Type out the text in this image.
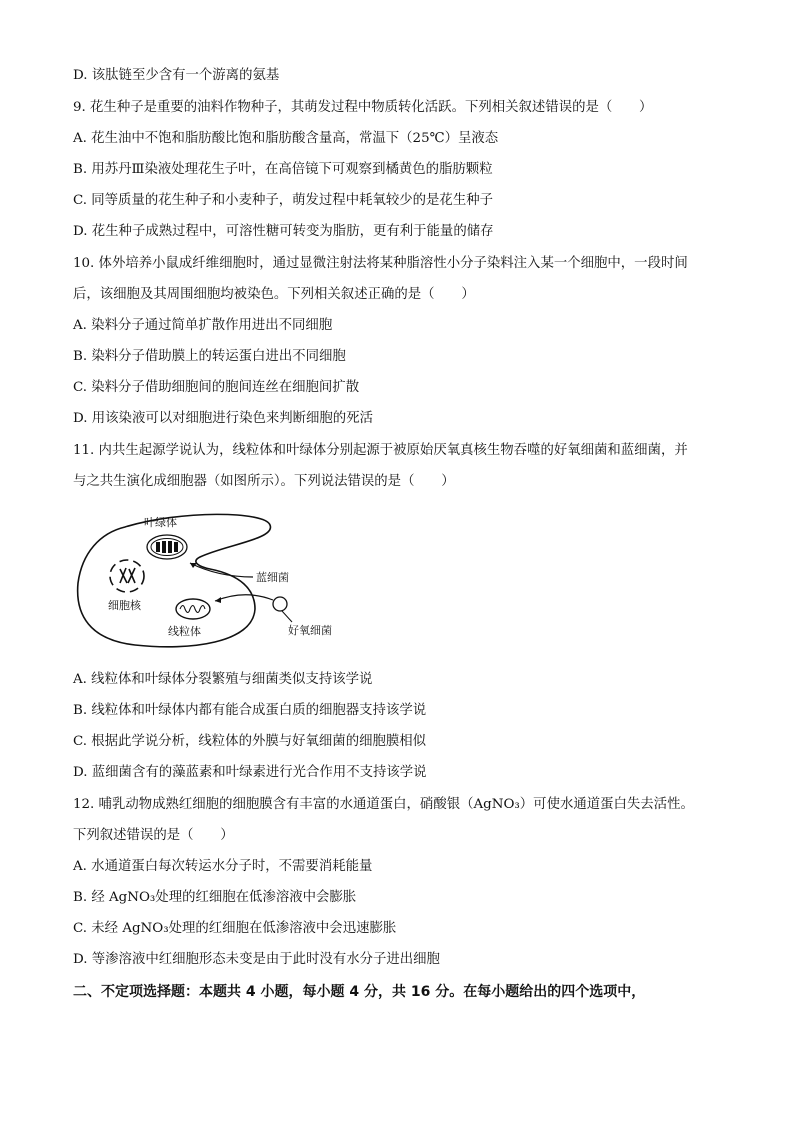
D. 该肽链至少含有一个游离的氨基
9. 花生种子是重要的油料作物种子，其萌发过程中物质转化活跃。下列相关叙述错误的是（　　）
A. 花生油中不饱和脂肪酸比饱和脂肪酸含量高，常温下（25℃）呈液态
B. 用苏丹Ⅲ染液处理花生子叶，在高倍镜下可观察到橘黄色的脂肪颗粒
C. 同等质量的花生种子和小麦种子，萌发过程中耗氧较少的是花生种子
D. 花生种子成熟过程中，可溶性糖可转变为脂肪，更有利于能量的储存
10. 体外培养小鼠成纤维细胞时，通过显微注射法将某种脂溶性小分子染料注入某一个细胞中，一段时间
后，该细胞及其周围细胞均被染色。下列相关叙述正确的是（　　）
A. 染料分子通过简单扩散作用进出不同细胞
B. 染料分子借助膜上的转运蛋白进出不同细胞
C. 染料分子借助细胞间的胞间连丝在细胞间扩散
D. 用该染液可以对细胞进行染色来判断细胞的死活
11. 内共生起源学说认为，线粒体和叶绿体分别起源于被原始厌氧真核生物吞噬的好氧细菌和蓝细菌，并
与之共生演化成细胞器（如图所示）。下列说法错误的是（　　）
叶绿体
细胞核
线粒体
蓝细菌
好氧细菌
A. 线粒体和叶绿体分裂繁殖与细菌类似支持该学说
B. 线粒体和叶绿体内都有能合成蛋白质的细胞器支持该学说
C. 根据此学说分析，线粒体的外膜与好氧细菌的细胞膜相似
D. 蓝细菌含有的藻蓝素和叶绿素进行光合作用不支持该学说
12. 哺乳动物成熟红细胞的细胞膜含有丰富的水通道蛋白，硝酸银（AgNO₃）可使水通道蛋白失去活性。
下列叙述错误的是（　　）
A. 水通道蛋白每次转运水分子时，不需要消耗能量
B. 经 AgNO₃处理的红细胞在低渗溶液中会膨胀
C. 未经 AgNO₃处理的红细胞在低渗溶液中会迅速膨胀
D. 等渗溶液中红细胞形态未变是由于此时没有水分子进出细胞
二、不定项选择题：本题共 4 小题，每小题 4 分，共 16 分。在每小题给出的四个选项中，
